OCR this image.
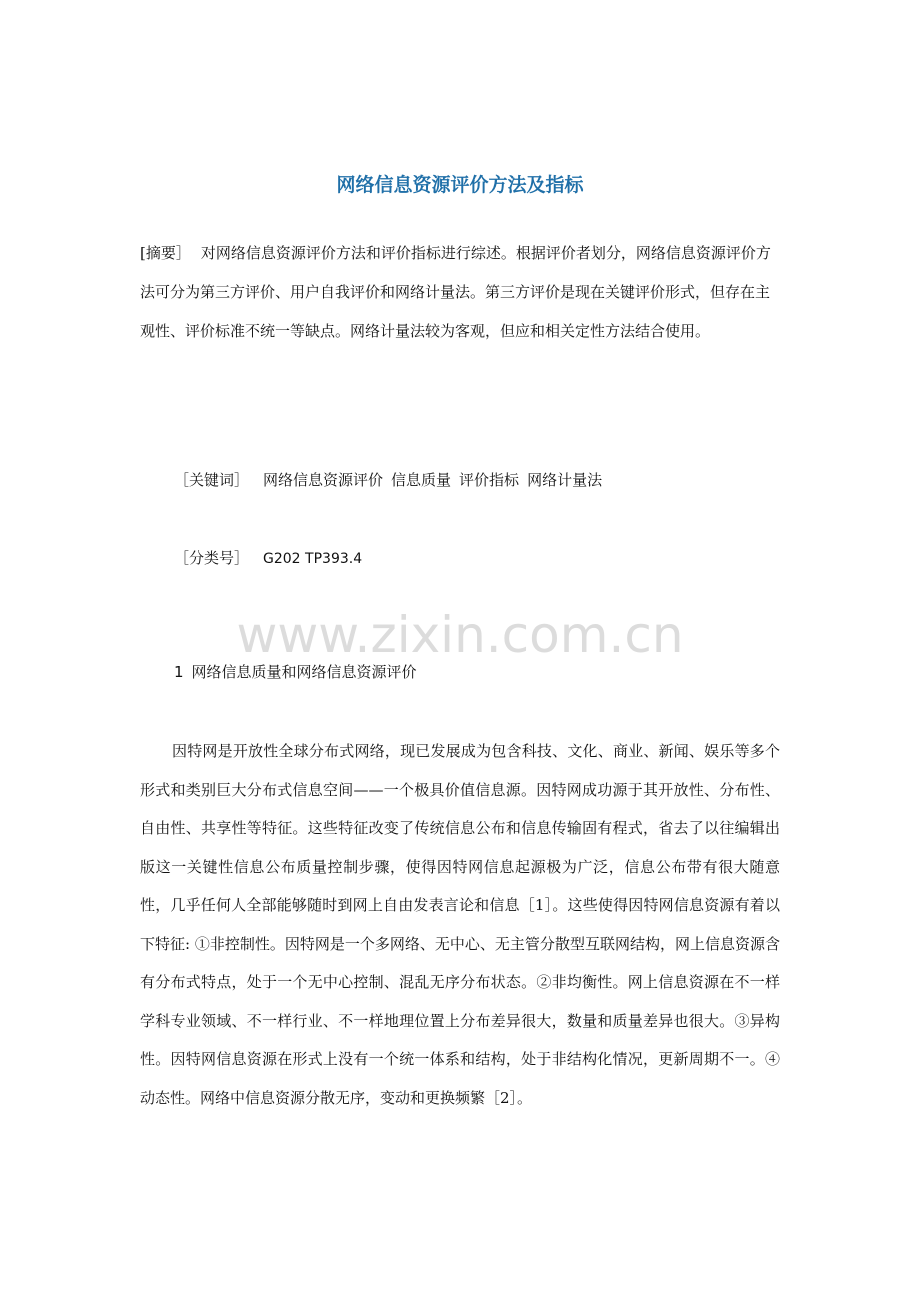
网络信息资源评价方法及指标

[摘要］ 对网络信息资源评价方法和评价指标进行综述。根据评价者划分，网络信息资源评价方法可分为第三方评价、用户自我评价和网络计量法。第三方评价是现在关键评价形式，但存在主观性、评价标准不统一等缺点。网络计量法较为客观，但应和相关定性方法结合使用。

［关键词］ 网络信息资源评价 信息质量 评价指标 网络计量法

［分类号］ G202 TP393.4

www.zixin.com.cn

1 网络信息质量和网络信息资源评价

因特网是开放性全球分布式网络，现已发展成为包含科技、文化、商业、新闻、娱乐等多个形式和类别巨大分布式信息空间——一个极具价值信息源。因特网成功源于其开放性、分布性、自由性、共享性等特征。这些特征改变了传统信息公布和信息传输固有程式，省去了以往编辑出版这一关键性信息公布质量控制步骤，使得因特网信息起源极为广泛，信息公布带有很大随意性，几乎任何人全部能够随时到网上自由发表言论和信息［1］。这些使得因特网信息资源有着以下特征: ①非控制性。因特网是一个多网络、无中心、无主管分散型互联网结构，网上信息资源含有分布式特点，处于一个无中心控制、混乱无序分布状态。②非均衡性。网上信息资源在不一样学科专业领域、不一样行业、不一样地理位置上分布差异很大，数量和质量差异也很大。③异构性。因特网信息资源在形式上没有一个统一体系和结构，处于非结构化情况，更新周期不一。④动态性。网络中信息资源分散无序，变动和更换频繁［2］。
